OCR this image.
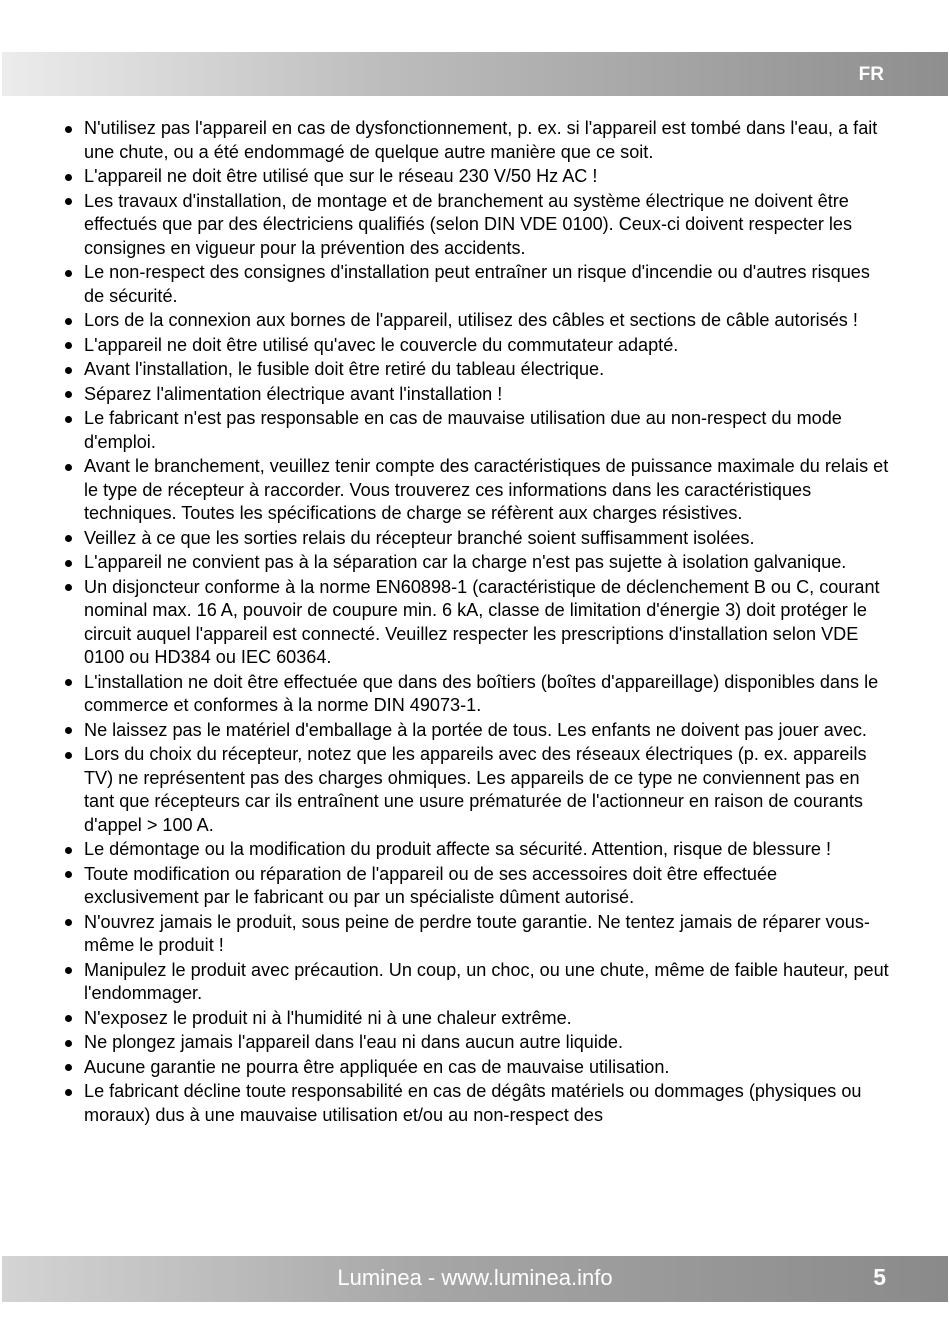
FR
N'utilisez pas l'appareil en cas de dysfonctionnement, p. ex. si l'appareil est tombé dans l'eau, a fait une chute, ou a été endommagé de quelque autre manière que ce soit.
L'appareil ne doit être utilisé que sur le réseau 230 V/50 Hz AC !
Les travaux d'installation, de montage et de branchement au système électrique ne doivent être effectués que par des électriciens qualifiés (selon DIN VDE 0100). Ceux-ci doivent respecter les consignes en vigueur pour la prévention des accidents.
Le non-respect des consignes d'installation peut entraîner un risque d'incendie ou d'autres risques de sécurité.
Lors de la connexion aux bornes de l'appareil, utilisez des câbles et sections de câble autorisés !
L'appareil ne doit être utilisé qu'avec le couvercle du commutateur adapté.
Avant l'installation, le fusible doit être retiré du tableau électrique.
Séparez l'alimentation électrique avant l'installation !
Le fabricant n'est pas responsable en cas de mauvaise utilisation due au non-respect du mode d'emploi.
Avant le branchement, veuillez tenir compte des caractéristiques de puissance maximale du relais et le type de récepteur à raccorder. Vous trouverez ces informations dans les caractéristiques techniques. Toutes les spécifications de charge se réfèrent aux charges résistives.
Veillez à ce que les sorties relais du récepteur branché soient suffisamment isolées.
L'appareil ne convient pas à la séparation car la charge n'est pas sujette à isolation galvanique.
Un disjoncteur conforme à la norme EN60898-1 (caractéristique de déclenchement B ou C, courant nominal max. 16 A, pouvoir de coupure min. 6 kA, classe de limitation d'énergie 3) doit protéger le circuit auquel l'appareil est connecté. Veuillez respecter les prescriptions d'installation selon VDE 0100 ou HD384 ou IEC 60364.
L'installation ne doit être effectuée que dans des boîtiers (boîtes d'appareillage) disponibles dans le commerce et conformes à la norme DIN 49073-1.
Ne laissez pas le matériel d'emballage à la portée de tous. Les enfants ne doivent pas jouer avec.
Lors du choix du récepteur, notez que les appareils avec des réseaux électriques (p. ex. appareils TV) ne représentent pas des charges ohmiques. Les appareils de ce type ne conviennent pas en tant que récepteurs car ils entraînent une usure prématurée de l'actionneur en raison de courants d'appel > 100 A.
Le démontage ou la modification du produit affecte sa sécurité. Attention, risque de blessure !
Toute modification ou réparation de l'appareil ou de ses accessoires doit être effectuée exclusivement par le fabricant ou par un spécialiste dûment autorisé.
N'ouvrez jamais le produit, sous peine de perdre toute garantie. Ne tentez jamais de réparer vous-même le produit !
Manipulez le produit avec précaution. Un coup, un choc, ou une chute, même de faible hauteur, peut l'endommager.
N'exposez le produit ni à l'humidité ni à une chaleur extrême.
Ne plongez jamais l'appareil dans l'eau ni dans aucun autre liquide.
Aucune garantie ne pourra être appliquée en cas de mauvaise utilisation.
Le fabricant décline toute responsabilité en cas de dégâts matériels ou dommages (physiques ou moraux) dus à une mauvaise utilisation et/ou au non-respect des
Luminea - www.luminea.info	5
